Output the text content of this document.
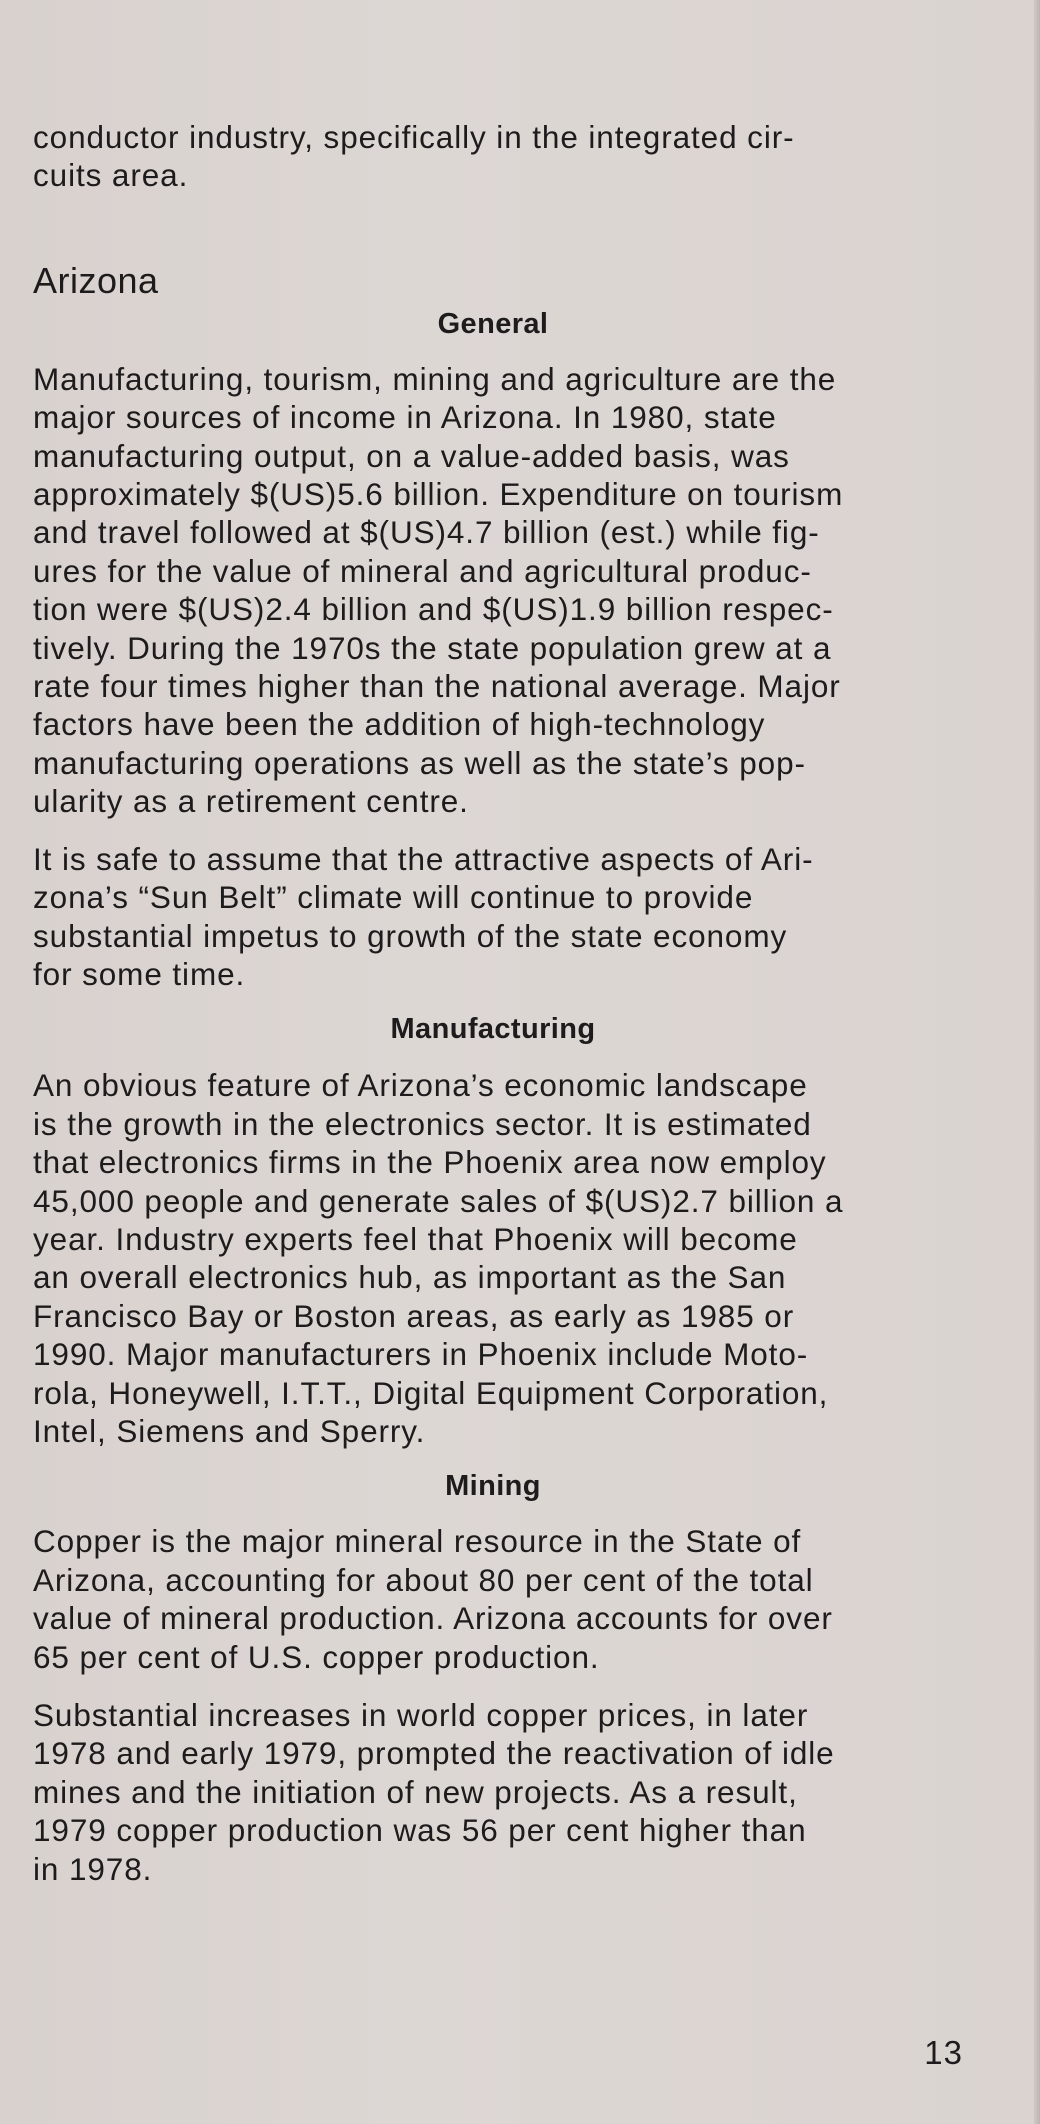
conductor industry, specifically in the integrated cir-
cuits area.

Arizona
General

Manufacturing, tourism, mining and agriculture are the
major sources of income in Arizona. In 1980, state
manufacturing output, on a value-added basis, was
approximately $(US)5.6 billion. Expenditure on tourism
and travel followed at $(US)4.7 billion (est.) while fig-
ures for the value of mineral and agricultural produc-
tion were $(US)2.4 billion and $(US)1.9 billion respec-
tively. During the 1970s the state population grew at a
rate four times higher than the national average. Major
factors have been the addition of high-technology
manufacturing operations as well as the state’s pop-
ularity as a retirement centre.

It is safe to assume that the attractive aspects of Ari-
zona’s “Sun Belt” climate will continue to provide
substantial impetus to growth of the state economy
for some time.

Manufacturing

An obvious feature of Arizona’s economic landscape
is the growth in the electronics sector. It is estimated
that electronics firms in the Phoenix area now employ
45,000 people and generate sales of $(US)2.7 billion a
year. Industry experts feel that Phoenix will become
an overall electronics hub, as important as the San
Francisco Bay or Boston areas, as early as 1985 or
1990. Major manufacturers in Phoenix include Moto-
rola, Honeywell, I.T.T., Digital Equipment Corporation,
Intel, Siemens and Sperry.

Mining

Copper is the major mineral resource in the State of
Arizona, accounting for about 80 per cent of the total
value of mineral production. Arizona accounts for over
65 per cent of U.S. copper production.

Substantial increases in world copper prices, in later
1978 and early 1979, prompted the reactivation of idle
mines and the initiation of new projects. As a result,
1979 copper production was 56 per cent higher than
in 1978.

13
